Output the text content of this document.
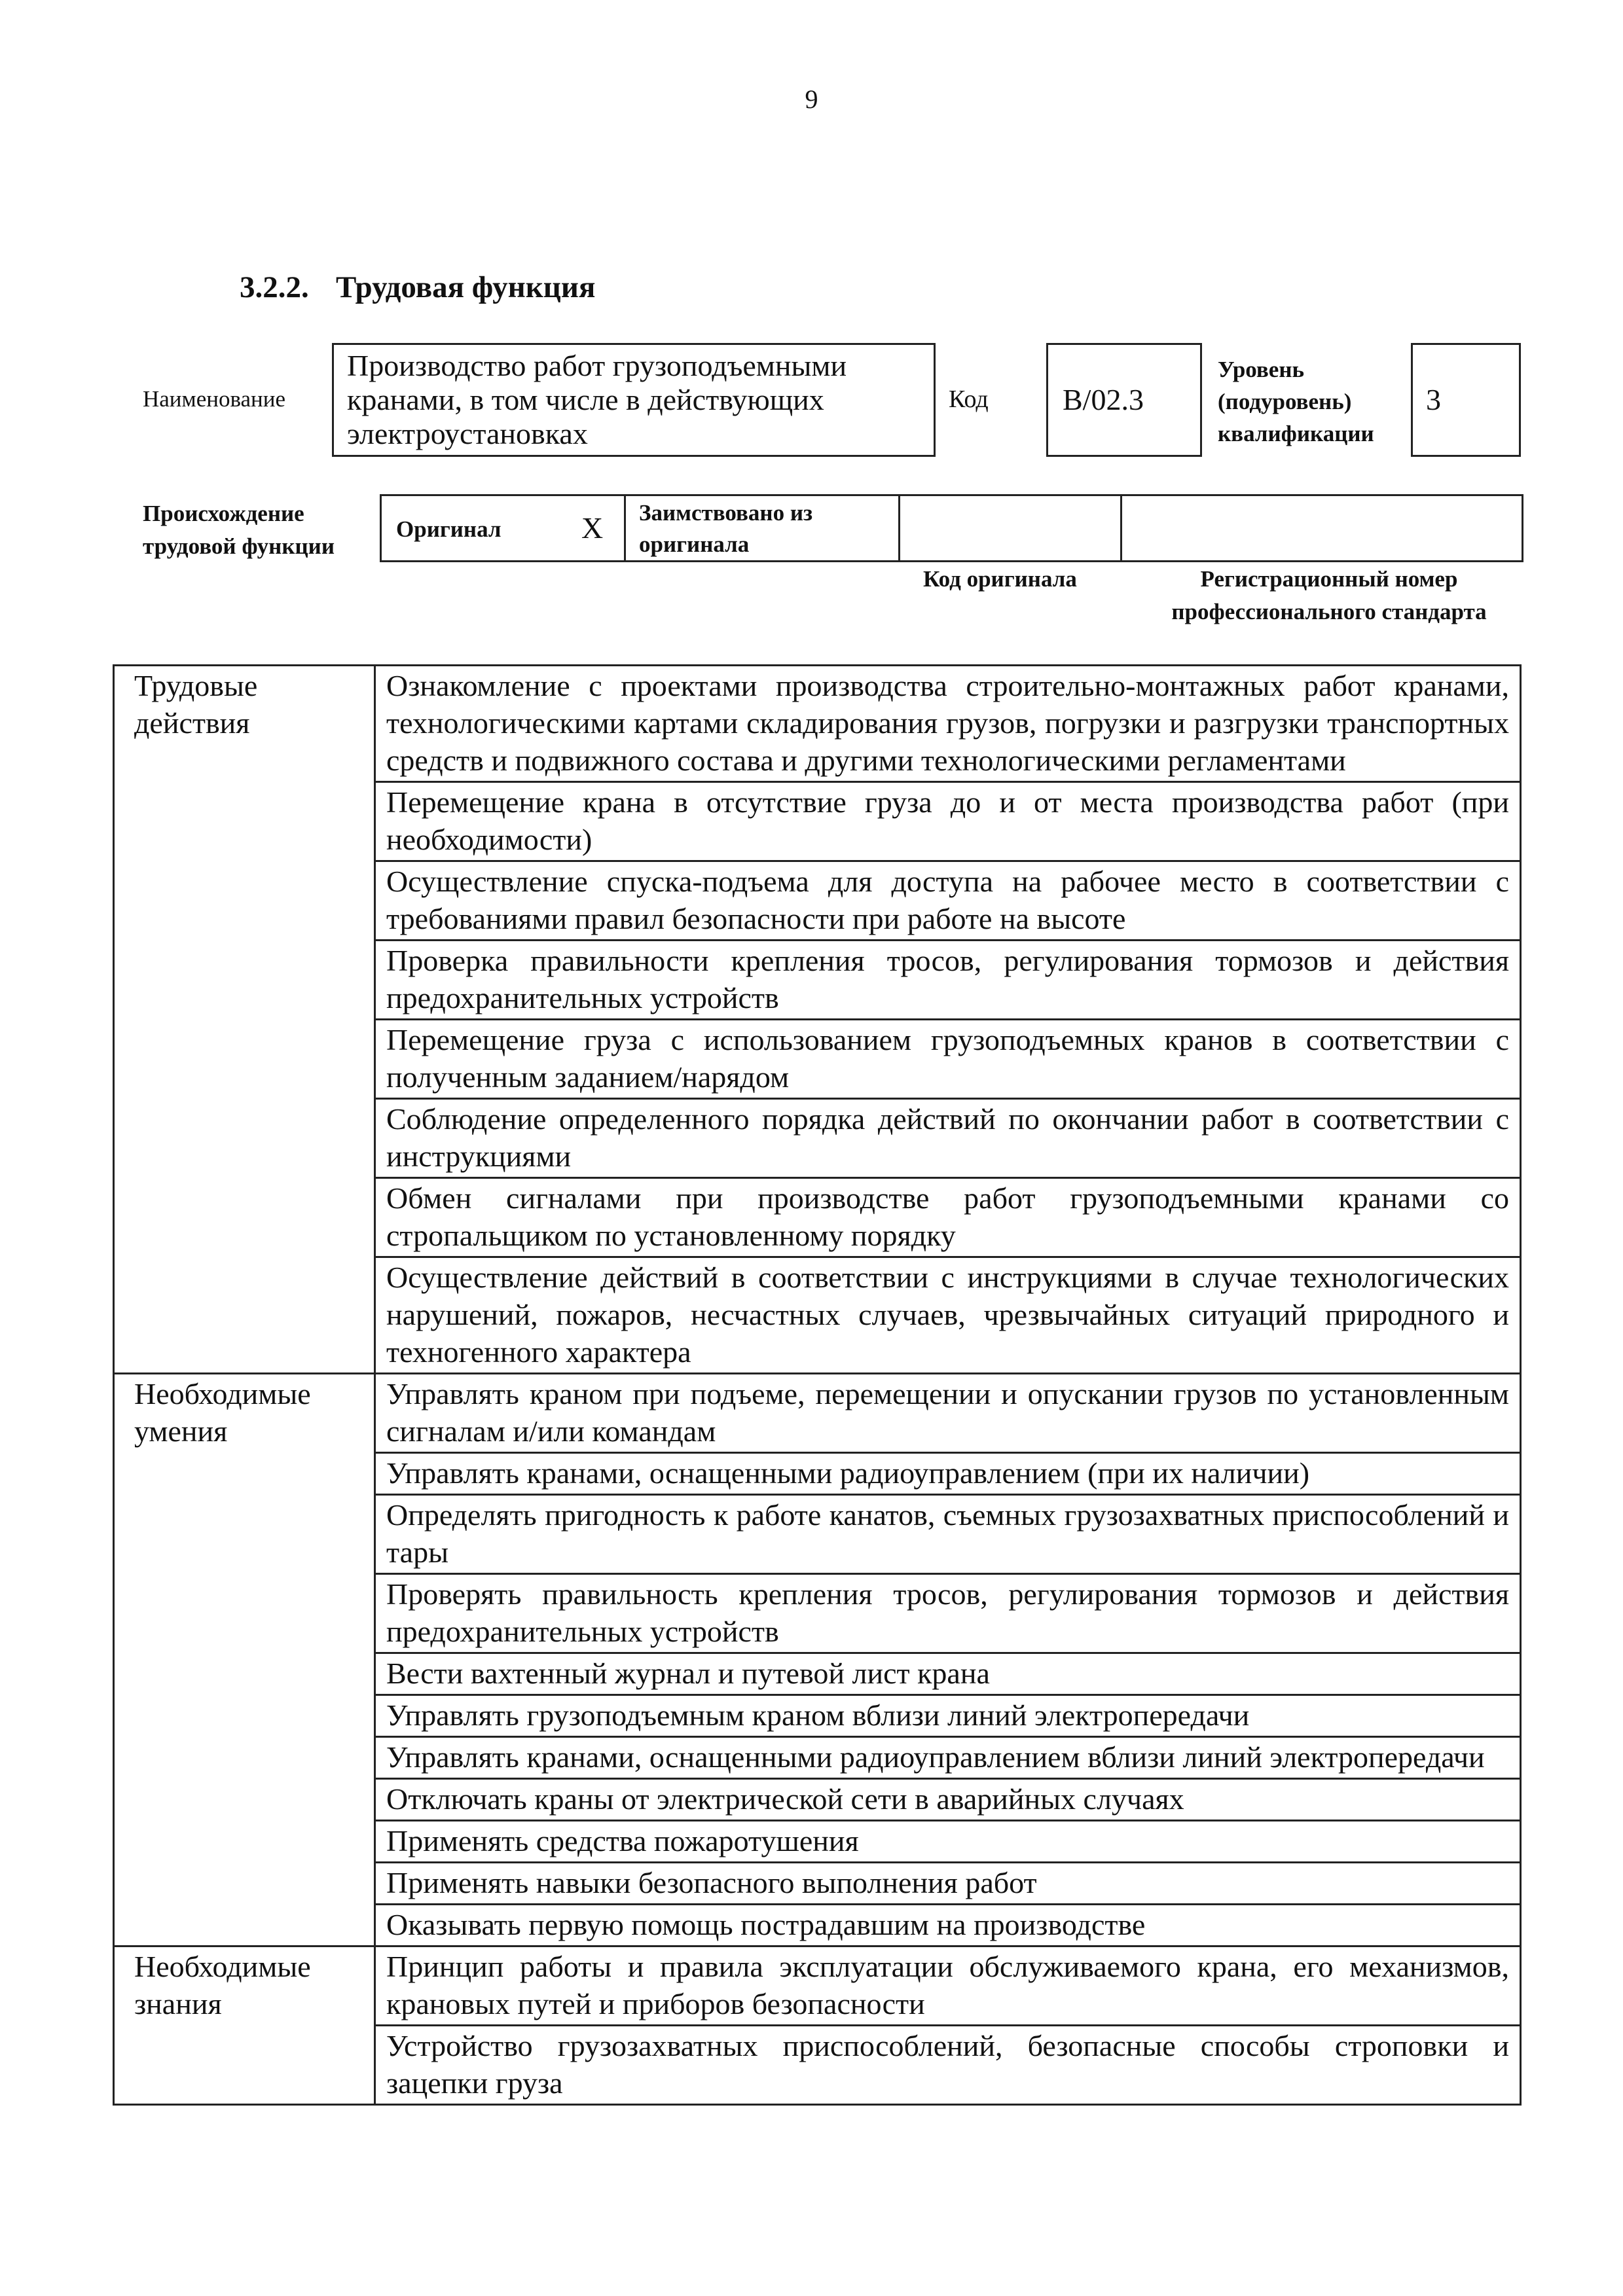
9
3.2.2. Трудовая функция
Наименование
Производство работ грузоподъемными
кранами, в том числе в действующих
электроустановках
Код B/02.3
Уровень
(подуровень)
квалификации
3
Происхождение
трудовой функции
Оригинал	X Заимствовано из
оригинала
Код оригинала	Регистрационный номер
профессионального стандарта
Трудовые
действия	Ознакомление с проектами производства строительно-монтажных работ кранами, технологическими картами складирования грузов, погрузки и разгрузки транспортных средств и подвижного состава и другими технологическими регламентами
	Перемещение крана в отсутствие груза до и от места производства работ (при необходимости)
	Осуществление спуска-подъема для доступа на рабочее место в соответствии с требованиями правил безопасности при работе на высоте
	Проверка правильности крепления тросов, регулирования тормозов и действия предохранительных устройств
	Перемещение груза с использованием грузоподъемных кранов в соответствии с полученным заданием/нарядом
	Соблюдение определенного порядка действий по окончании работ в соответствии с инструкциями
	Обмен сигналами при производстве работ грузоподъемными кранами со стропальщиком по установленному порядку
	Осуществление действий в соответствии с инструкциями в случае технологических нарушений, пожаров, несчастных случаев, чрезвычайных ситуаций природного и техногенного характера

Необходимые
умения	Управлять краном при подъеме, перемещении и опускании грузов по установленным сигналам и/или командам
	Управлять кранами, оснащенными радиоуправлением (при их наличии)
	Определять пригодность к работе канатов, съемных грузозахватных приспособлений и тары
	Проверять правильность крепления тросов, регулирования тормозов и действия предохранительных устройств
	Вести вахтенный журнал и путевой лист крана
	Управлять грузоподъемным краном вблизи линий электропередачи
	Управлять кранами, оснащенными радиоуправлением вблизи линий электропередачи
	Отключать краны от электрической сети в аварийных случаях
	Применять средства пожаротушения
	Применять навыки безопасного выполнения работ
	Оказывать первую помощь пострадавшим на производстве

Необходимые
знания	Принцип работы и правила эксплуатации обслуживаемого крана, его механизмов, крановых путей и приборов безопасности
	Устройство грузозахватных приспособлений, безопасные способы строповки и зацепки груза
